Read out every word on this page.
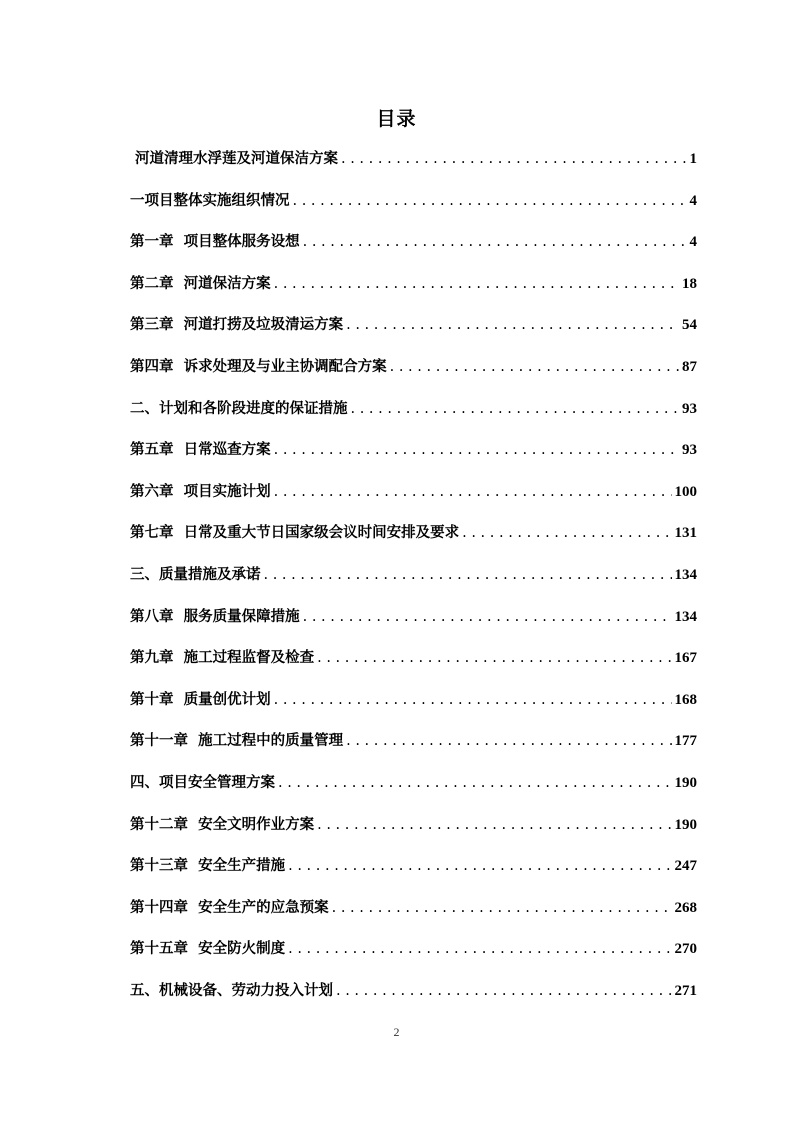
目录
河道清理水浮莲及河道保洁方案 . . .	1
一项目整体实施组织情况 . . .	4
第一章  项目整体服务设想 . . .	4
第二章  河道保洁方案 . . .	18
第三章  河道打捞及垃圾清运方案 . . .	54
第四章  诉求处理及与业主协调配合方案 . . .	87
二、计划和各阶段进度的保证措施 . . .	93
第五章  日常巡查方案 . . .	93
第六章  项目实施计划 . . .	100
第七章  日常及重大节日国家级会议时间安排及要求 . . .	131
三、质量措施及承诺 . . .	134
第八章  服务质量保障措施 . . .	134
第九章  施工过程监督及检查 . . .	167
第十章  质量创优计划 . . .	168
第十一章  施工过程中的质量管理 . . .	177
四、项目安全管理方案 . . .	190
第十二章  安全文明作业方案 . . .	190
第十三章  安全生产措施 . . .	247
第十四章  安全生产的应急预案 . . .	268
第十五章  安全防火制度 . . .	270
五、机械设备、劳动力投入计划 . . .	271
2
